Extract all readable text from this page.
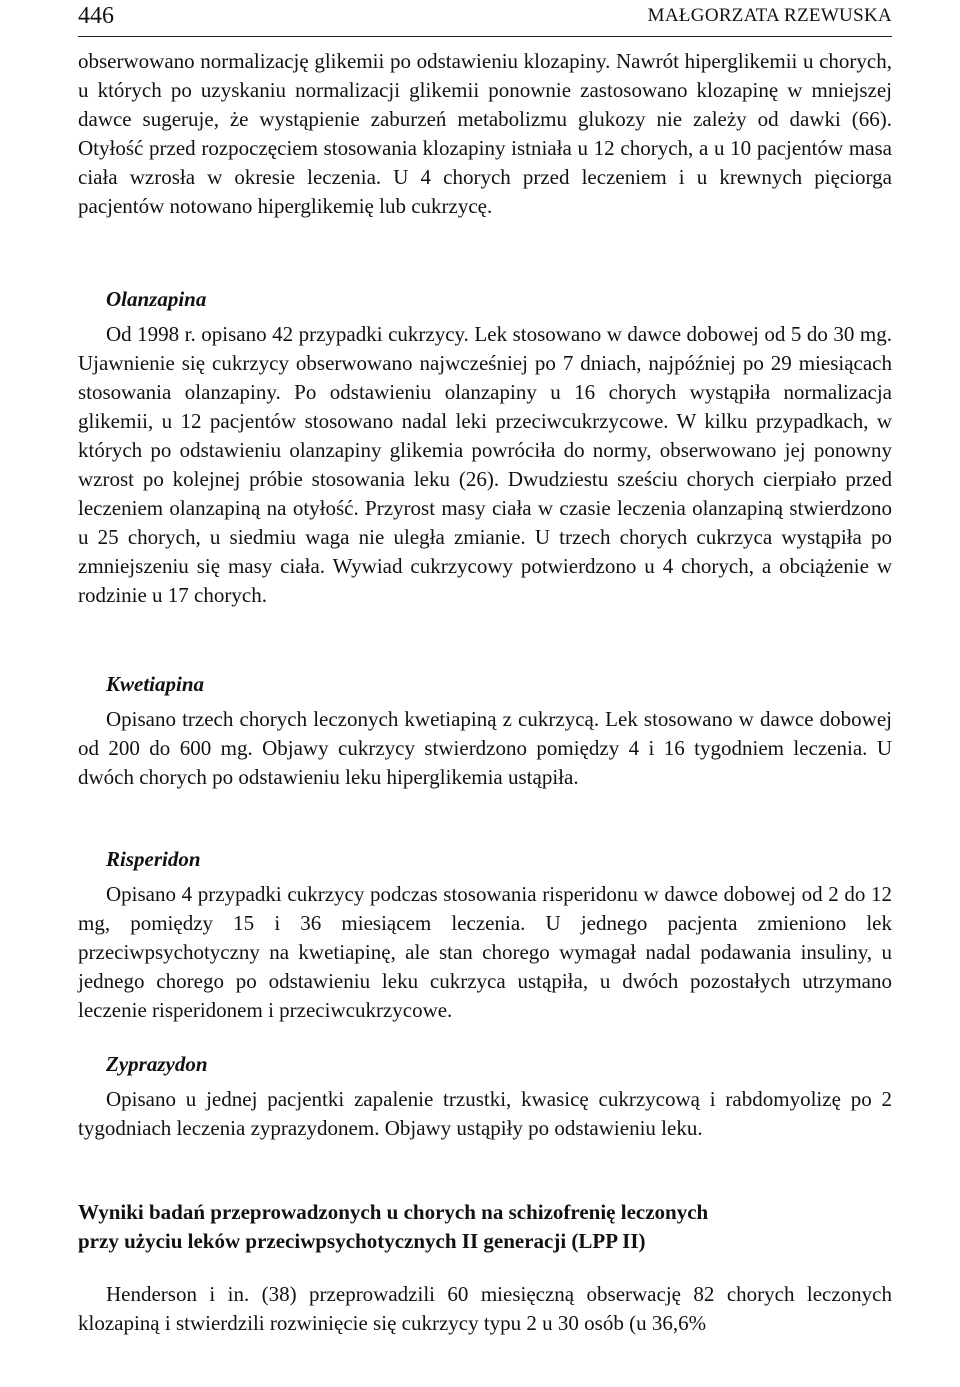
446	MAŁGORZATA RZEWUSKA

obserwowano normalizację glikemii po odstawieniu klozapiny. Nawrót hiperglikemii u chorych, u których po uzyskaniu normalizacji glikemii ponownie zastosowano klozapinę w mniejszej dawce sugeruje, że wystąpienie zaburzeń metabolizmu glukozy nie zależy od dawki (66). Otyłość przed rozpoczęciem stosowania klozapiny istniała u 12 chorych, a u 10 pacjentów masa ciała wzrosła w okresie leczenia. U 4 chorych przed leczeniem i u krewnych pięciorga pacjentów notowano hiperglikemię lub cukrzycę.

Olanzapina

Od 1998 r. opisano 42 przypadki cukrzycy. Lek stosowano w dawce dobowej od 5 do 30 mg. Ujawnienie się cukrzycy obserwowano najwcześniej po 7 dniach, najpóźniej po 29 miesiącach stosowania olanzapiny. Po odstawieniu olanzapiny u 16 chorych wystąpiła normalizacja glikemii, u 12 pacjentów stosowano nadal leki przeciwcukrzycowe. W kilku przypadkach, w których po odstawieniu olanzapiny glikemia powróciła do normy, obserwowano jej ponowny wzrost po kolejnej próbie stosowania leku (26). Dwudziestu sześciu chorych cierpiało przed leczeniem olanzapiną na otyłość. Przyrost masy ciała w czasie leczenia olanzapiną stwierdzono u 25 chorych, u siedmiu waga nie uległa zmianie. U trzech chorych cukrzyca wystąpiła po zmniejszeniu się masy ciała. Wywiad cukrzycowy potwierdzono u 4 chorych, a obciążenie w rodzinie u 17 chorych.

Kwetiapina

Opisano trzech chorych leczonych kwetiapiną z cukrzycą. Lek stosowano w dawce dobowej od 200 do 600 mg. Objawy cukrzycy stwierdzono pomiędzy 4 i 16 tygodniem leczenia. U dwóch chorych po odstawieniu leku hiperglikemia ustąpiła.

Risperidon

Opisano 4 przypadki cukrzycy podczas stosowania risperidonu w dawce dobowej od 2 do 12 mg, pomiędzy 15 i 36 miesiącem leczenia. U jednego pacjenta zmieniono lek przeciwpsychotyczny na kwetiapinę, ale stan chorego wymagał nadal podawania insuliny, u jednego chorego po odstawieniu leku cukrzyca ustąpiła, u dwóch pozostałych utrzymano leczenie risperidonem i przeciwcukrzycowe.

Zyprazydon

Opisano u jednej pacjentki zapalenie trzustki, kwasicę cukrzycową i rabdomyolizę po 2 tygodniach leczenia zyprazydonem. Objawy ustąpiły po odstawieniu leku.

Wyniki badań przeprowadzonych u chorych na schizofrenię leczonych
przy użyciu leków przeciwpsychotycznych II generacji (LPP II)

Henderson i in. (38) przeprowadzili 60 miesięczną obserwację 82 chorych leczonych klozapiną i stwierdzili rozwinięcie się cukrzycy typu 2 u 30 osób (u 36,6%
